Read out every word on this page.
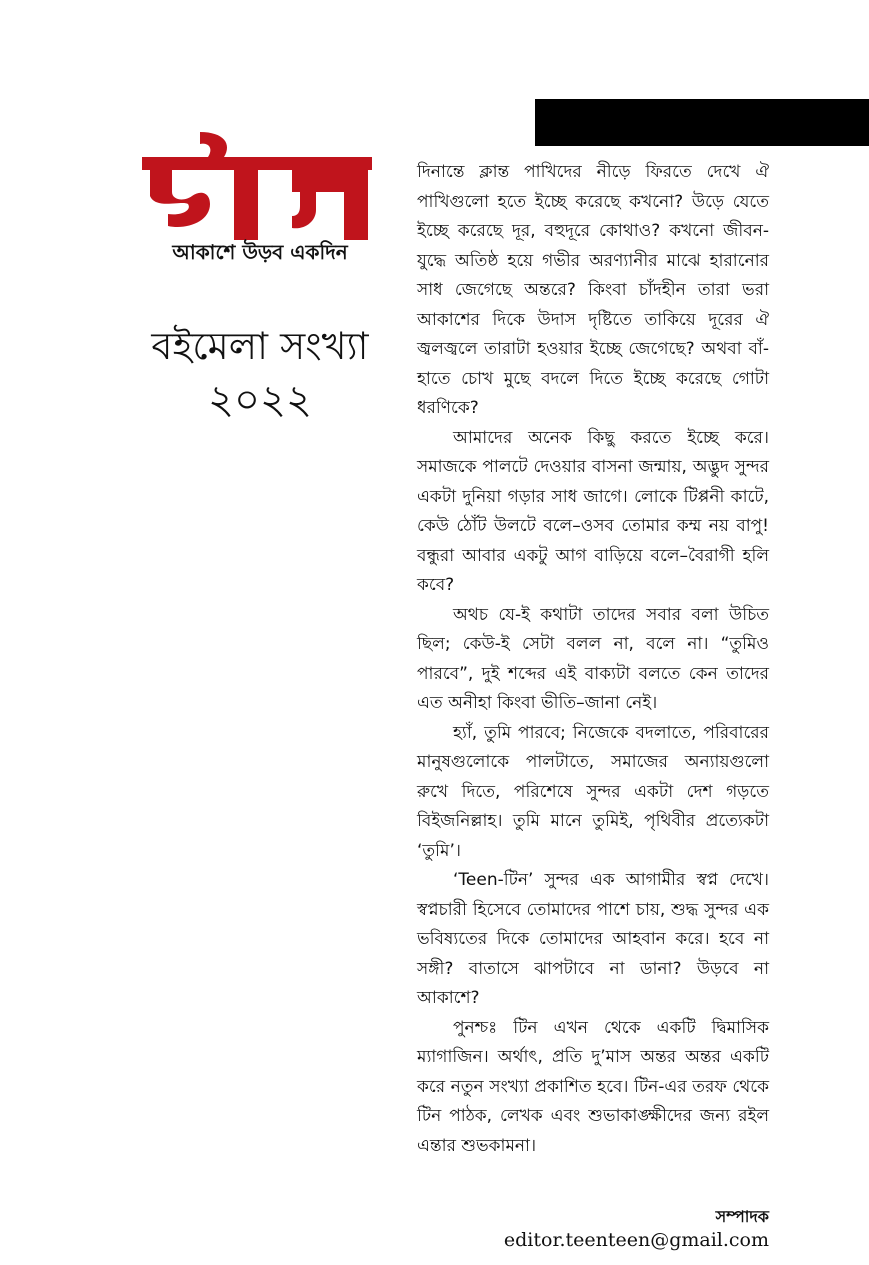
টিন
আকাশে উড়ব একদিন
বইমেলা সংখ্যা
২০২২

দিনান্তে ক্লান্ত পাখিদের নীড়ে ফিরতে দেখে ঐ পাখিগুলো হতে ইচ্ছে করেছে কখনো? উড়ে যেতে ইচ্ছে করেছে দূর, বহুদূরে কোথাও? কখনো জীবন-যুদ্ধে অতিষ্ঠ হয়ে গভীর অরণ্যানীর মাঝে হারানোর সাধ জেগেছে অন্তরে? কিংবা চাঁদহীন তারা ভরা আকাশের দিকে উদাস দৃষ্টিতে তাকিয়ে দূরের ঐ জ্বলজ্বলে তারাটা হওয়ার ইচ্ছে জেগেছে? অথবা বাঁ-হাতে চোখ মুছে বদলে দিতে ইচ্ছে করেছে গোটা ধরণিকে?

আমাদের অনেক কিছু করতে ইচ্ছে করে। সমাজকে পালটে দেওয়ার বাসনা জন্মায়, অদ্ভুদ সুন্দর একটা দুনিয়া গড়ার সাধ জাগে। লোকে টিপ্পনী কাটে, কেউ ঠোঁট উলটে বলে–ওসব তোমার কম্ম নয় বাপু! বন্ধুরা আবার একটু আগ বাড়িয়ে বলে–বৈরাগী হলি কবে?

অথচ যে-ই কথাটা তাদের সবার বলা উচিত ছিল; কেউ-ই সেটা বলল না, বলে না। “তুমিও পারবে”, দুই শব্দের এই বাক্যটা বলতে কেন তাদের এত অনীহা কিংবা ভীতি–জানা নেই।

হ্যাঁ, তুমি পারবে; নিজেকে বদলাতে, পরিবারের মানুষগুলোকে পালটাতে, সমাজের অন্যায়গুলো রুখে দিতে, পরিশেষে সুন্দর একটা দেশ গড়তে বিইজনিল্লাহ। তুমি মানে তুমিই, পৃথিবীর প্রত্যেকটা ‘তুমি’।

‘Teen-টিন’ সুন্দর এক আগামীর স্বপ্ন দেখে। স্বপ্নচারী হিসেবে তোমাদের পাশে চায়, শুদ্ধ সুন্দর এক ভবিষ্যতের দিকে তোমাদের আহবান করে। হবে না সঙ্গী? বাতাসে ঝাপটাবে না ডানা? উড়বে না আকাশে?

পুনশ্চঃ টিন এখন থেকে একটি দ্বিমাসিক ম্যাগাজিন। অর্থাৎ, প্রতি দু’মাস অন্তর অন্তর একটি করে নতুন সংখ্যা প্রকাশিত হবে। টিন-এর তরফ থেকে টিন পাঠক, লেখক এবং শুভাকাঙ্ক্ষীদের জন্য রইল এন্তার শুভকামনা।

সম্পাদক
editor.teenteen@gmail.com
